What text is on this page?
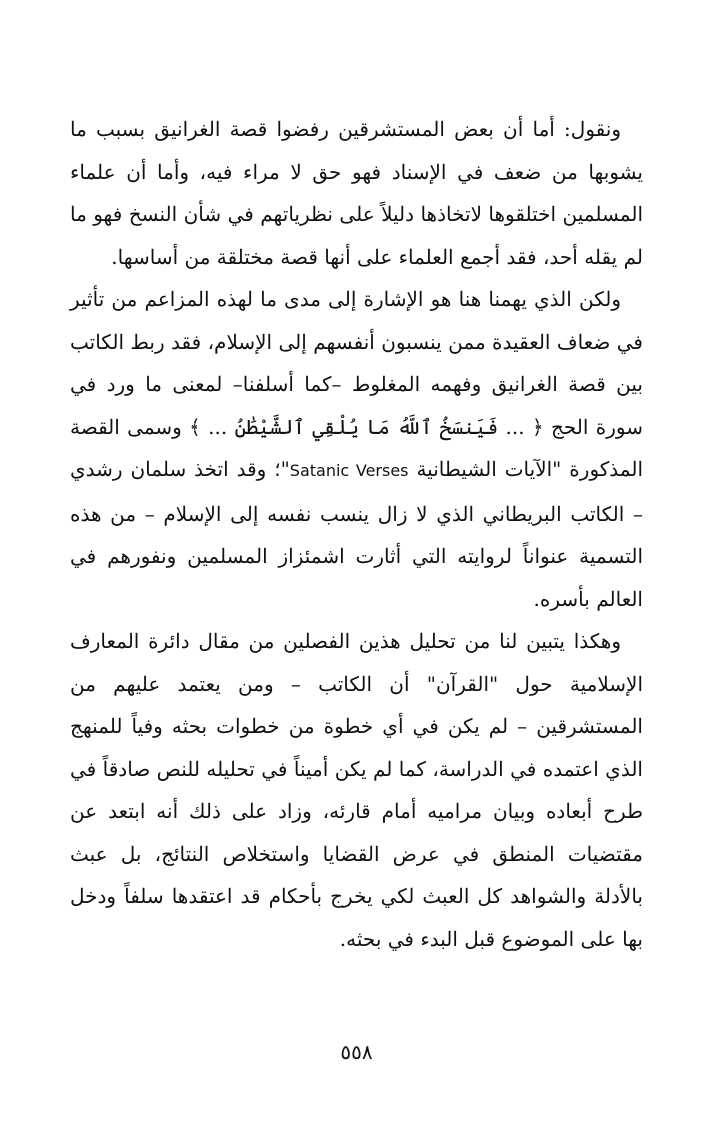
ونقول: أما أن بعض المستشرقين رفضوا قصة الغرانيق بسبب ما يشوبها من ضعف في الإسناد فهو حق لا مراء فيه، وأما أن علماء المسلمين اختلقوها لاتخاذها دليلاً على نظرياتهم في شأن النسخ فهو ما لم يقله أحد، فقد أجمع العلماء على أنها قصة مختلقة من أساسها.

ولكن الذي يهمنا هنا هو الإشارة إلى مدى ما لهذه المزاعم من تأثير في ضعاف العقيدة ممن ينسبون أنفسهم إلى الإسلام، فقد ربط الكاتب بين قصة الغرانيق وفهمه المغلوط –كما أسلفنا– لمعنى ما ورد في سورة الحج ﴿ ... فَيَنسَخُ ٱللَّهُ مَا يُلْقِي ٱلشَّيْطَٰنُ ... ﴾ وسمى القصة المذكورة "الآيات الشيطانية Satanic Verses"؛ وقد اتخذ سلمان رشدي – الكاتب البريطاني الذي لا زال ينسب نفسه إلى الإسلام – من هذه التسمية عنواناً لروايته التي أثارت اشمئزاز المسلمين ونفورهم في العالم بأسره.

وهكذا يتبين لنا من تحليل هذين الفصلين من مقال دائرة المعارف الإسلامية حول "القرآن" أن الكاتب – ومن يعتمد عليهم من المستشرقين – لم يكن في أي خطوة من خطوات بحثه وفياً للمنهج الذي اعتمده في الدراسة، كما لم يكن أميناً في تحليله للنص صادقاً في طرح أبعاده وبيان مراميه أمام قارئه، وزاد على ذلك أنه ابتعد عن مقتضيات المنطق في عرض القضايا واستخلاص النتائج، بل عبث بالأدلة والشواهد كل العبث لكي يخرج بأحكام قد اعتقدها سلفاً ودخل بها على الموضوع قبل البدء في بحثه.

٥٥٨
